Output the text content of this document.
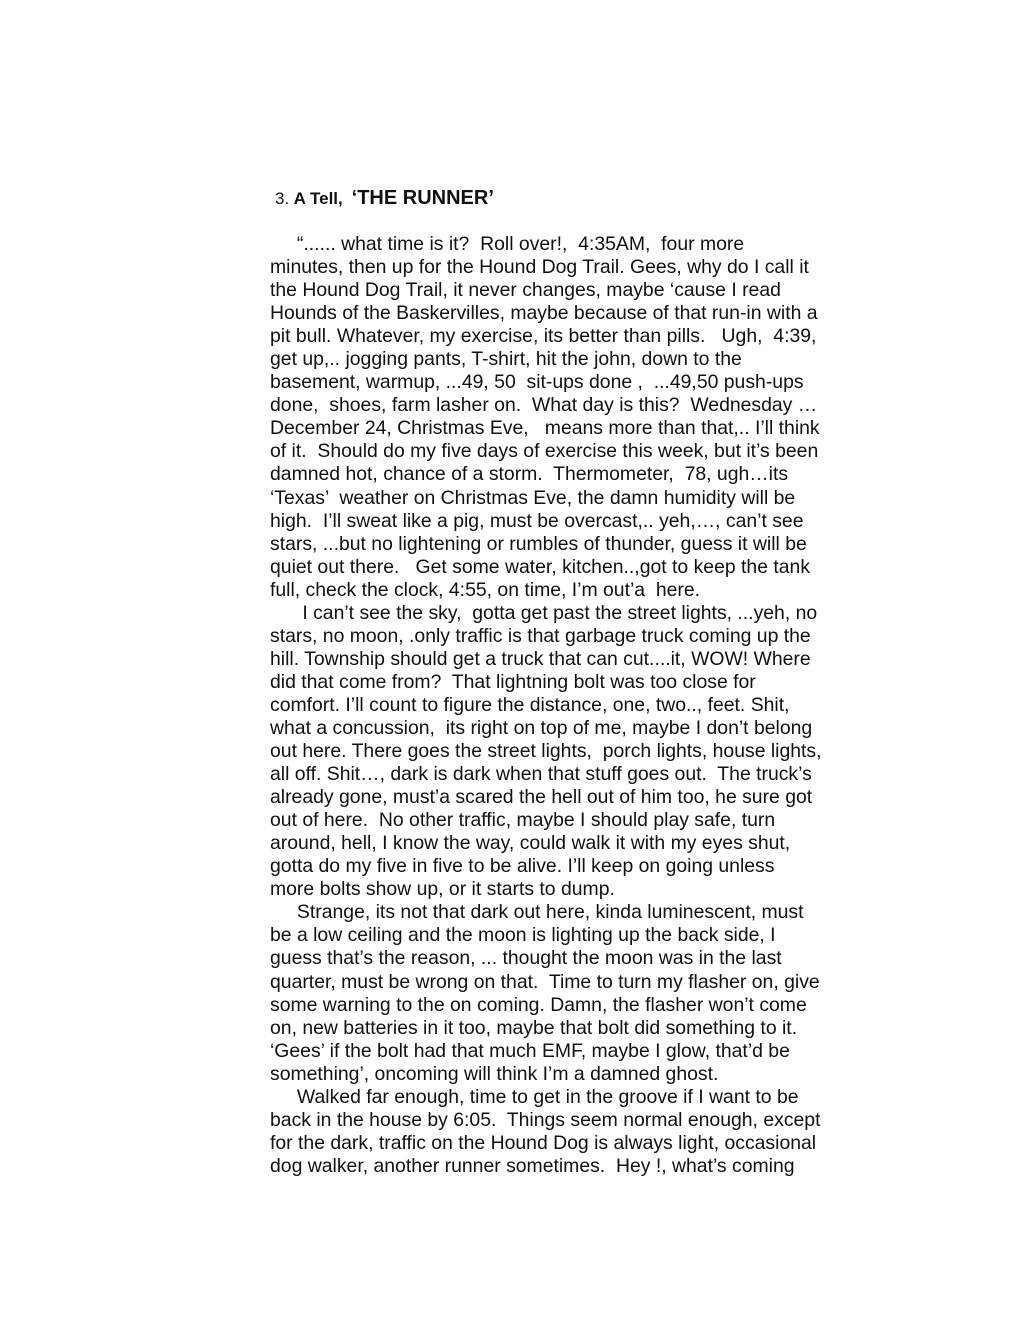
3. A Tell, ‘THE RUNNER’
“...... what time is it?  Roll over!,  4:35AM,  four more
minutes, then up for the Hound Dog Trail. Gees, why do I call it
the Hound Dog Trail, it never changes, maybe ‘cause I read
Hounds of the Baskervilles, maybe because of that run-in with a
pit bull. Whatever, my exercise, its better than pills.   Ugh,  4:39,
get up,.. jogging pants, T-shirt, hit the john, down to the
basement, warmup, ...49, 50  sit-ups done ,  ...49,50 push-ups
done,  shoes, farm lasher on.  What day is this?  Wednesday …
December 24, Christmas Eve,   means more than that,.. I’ll think
of it.  Should do my five days of exercise this week, but it’s been
damned hot, chance of a storm.  Thermometer,  78, ugh…its
‘Texas’  weather on Christmas Eve, the damn humidity will be
high.  I’ll sweat like a pig, must be overcast,.. yeh,…, can’t see
stars, ...but no lightening or rumbles of thunder, guess it will be
quiet out there.   Get some water, kitchen..,got to keep the tank
full, check the clock, 4:55, on time, I’m out’a  here.
I can’t see the sky,  gotta get past the street lights, ...yeh, no
stars, no moon, .only traffic is that garbage truck coming up the
hill. Township should get a truck that can cut....it, WOW! Where
did that come from?  That lightning bolt was too close for
comfort. I’ll count to figure the distance, one, two.., feet. Shit,
what a concussion,  its right on top of me, maybe I don’t belong
out here. There goes the street lights,  porch lights, house lights,
all off. Shit…, dark is dark when that stuff goes out.  The truck’s
already gone, must’a scared the hell out of him too, he sure got
out of here.  No other traffic, maybe I should play safe, turn
around, hell, I know the way, could walk it with my eyes shut,
gotta do my five in five to be alive. I’ll keep on going unless
more bolts show up, or it starts to dump.
Strange, its not that dark out here, kinda luminescent, must
be a low ceiling and the moon is lighting up the back side, I
guess that’s the reason, ... thought the moon was in the last
quarter, must be wrong on that.  Time to turn my flasher on, give
some warning to the on coming. Damn, the flasher won’t come
on, new batteries in it too, maybe that bolt did something to it.
‘Gees’ if the bolt had that much EMF, maybe I glow, that’d be
something’, oncoming will think I’m a damned ghost.
Walked far enough, time to get in the groove if I want to be
back in the house by 6:05.  Things seem normal enough, except
for the dark, traffic on the Hound Dog is always light, occasional
dog walker, another runner sometimes.  Hey !, what’s coming
